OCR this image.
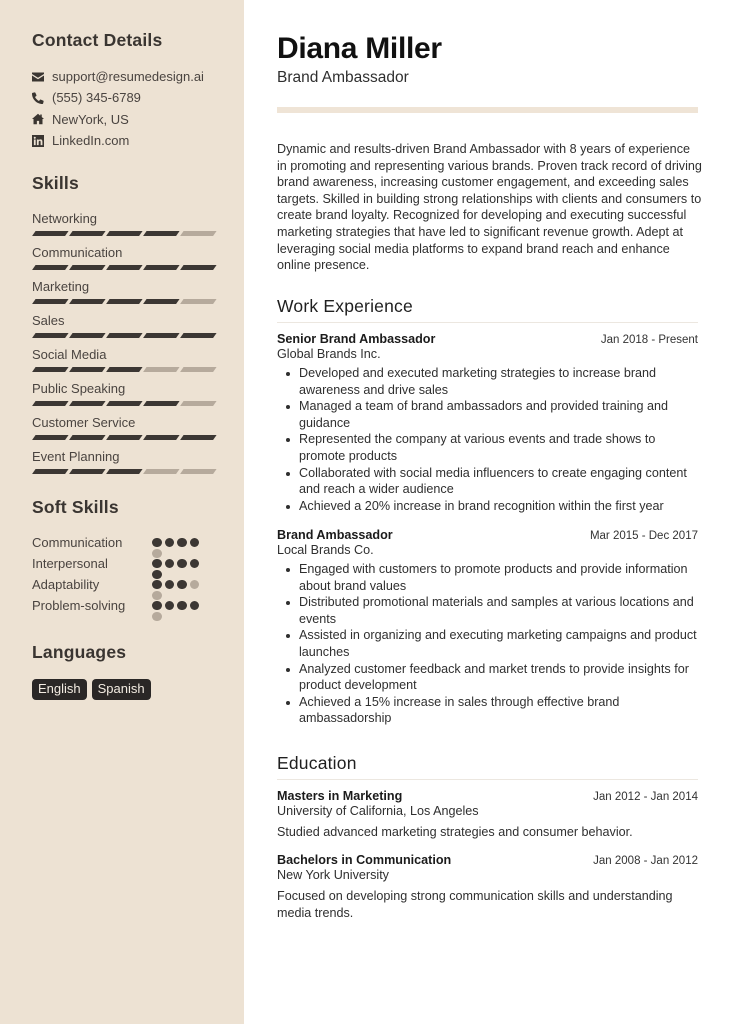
Contact Details
support@resumedesign.ai
(555) 345-6789
NewYork, US
LinkedIn.com
Skills
Networking
Communication
Marketing
Sales
Social Media
Public Speaking
Customer Service
Event Planning
Soft Skills
Communication
Interpersonal
Adaptability
Problem-solving
Languages
English	Spanish
Diana Miller
Brand Ambassador

Dynamic and results-driven Brand Ambassador with 8 years of experience in promoting and representing various brands. Proven track record of driving brand awareness, increasing customer engagement, and exceeding sales targets. Skilled in building strong relationships with clients and consumers to create brand loyalty. Recognized for developing and executing successful marketing strategies that have led to significant revenue growth. Adept at leveraging social media platforms to expand brand reach and enhance online presence.

Work Experience
Senior Brand Ambassador	Jan 2018 - Present
Global Brands Inc.
Developed and executed marketing strategies to increase brand awareness and drive sales
Managed a team of brand ambassadors and provided training and guidance
Represented the company at various events and trade shows to promote products
Collaborated with social media influencers to create engaging content and reach a wider audience
Achieved a 20% increase in brand recognition within the first year
Brand Ambassador	Mar 2015 - Dec 2017
Local Brands Co.
Engaged with customers to promote products and provide information about brand values
Distributed promotional materials and samples at various locations and events
Assisted in organizing and executing marketing campaigns and product launches
Analyzed customer feedback and market trends to provide insights for product development
Achieved a 15% increase in sales through effective brand ambassadorship
Education
Masters in Marketing	Jan 2012 - Jan 2014
University of California, Los Angeles
Studied advanced marketing strategies and consumer behavior.
Bachelors in Communication	Jan 2008 - Jan 2012
New York University
Focused on developing strong communication skills and understanding media trends.
